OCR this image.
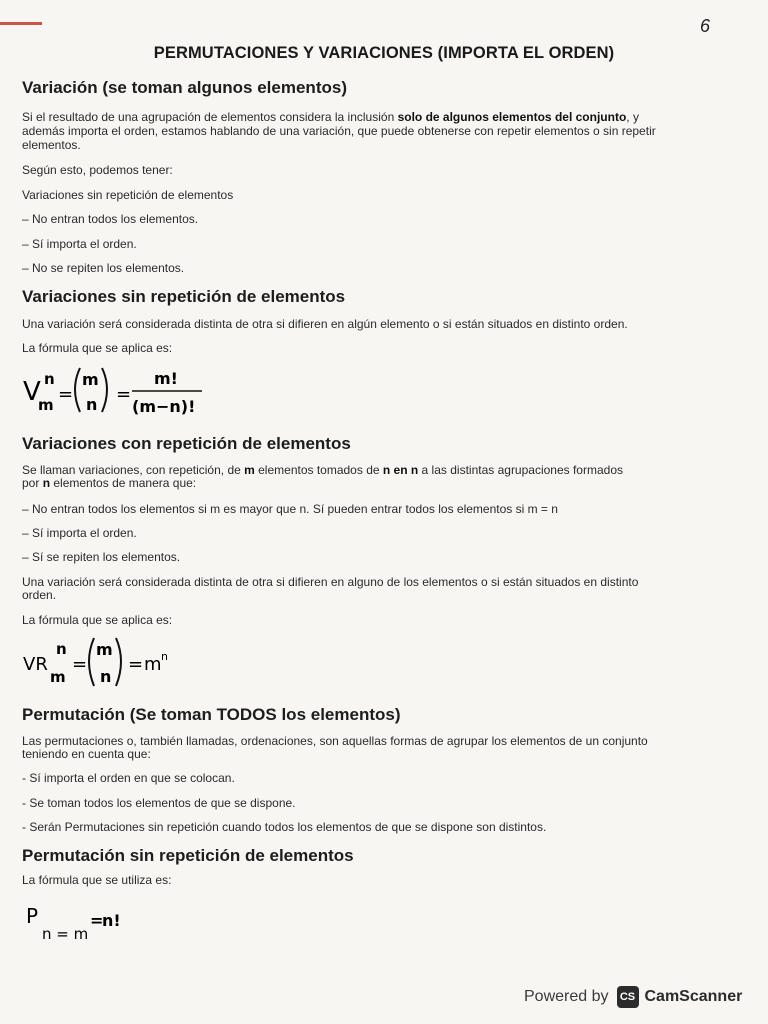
6
PERMUTACIONES Y VARIACIONES (IMPORTA EL ORDEN)
Variación (se toman algunos elementos)
Si el resultado de una agrupación de elementos considera la inclusión solo de algunos elementos del conjunto, y
además importa el orden, estamos hablando de una variación, que puede obtenerse con repetir elementos o sin repetir
elementos.
Según esto, podemos tener:
Variaciones sin repetición de elementos
– No entran todos los elementos.
– Sí importa el orden.
– No se repiten los elementos.
Variaciones sin repetición de elementos
Una variación será considerada distinta de otra si difieren en algún elemento o si están situados en distinto orden.
La fórmula que se aplica es:
V n
m =
m
n =
m!
(m−n)!
Variaciones con repetición de elementos
Se llaman variaciones, con repetición, de m elementos tomados de n en n a las distintas agrupaciones formados
por n elementos de manera que:
– No entran todos los elementos si m es mayor que n. Sí pueden entrar todos los elementos si m = n
– Sí importa el orden.
– Sí se repiten los elementos.
Una variación será considerada distinta de otra si difieren en alguno de los elementos o si están situados en distinto
orden.
La fórmula que se aplica es:
VR
n
m
=
m
n
= m n
Permutación (Se toman TODOS los elementos)
Las permutaciones o, también llamadas, ordenaciones, son aquellas formas de agrupar los elementos de un conjunto
teniendo en cuenta que:
- Sí importa el orden en que se colocan.
- Se toman todos los elementos de que se dispone.
- Serán Permutaciones sin repetición cuando todos los elementos de que se dispone son distintos.
Permutación sin repetición de elementos
La fórmula que se utiliza es:
P
n = m
=
n!
Powered by	CS CamScanner
